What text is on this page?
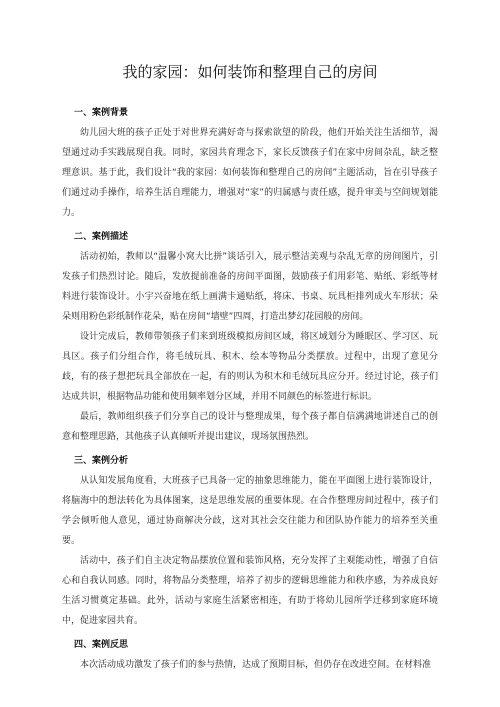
我的家园：如何装饰和整理自己的房间
一、案例背景

幼儿园大班的孩子正处于对世界充满好奇与探索欲望的阶段，他们开始关注生活细节，渴望通过动手实践展现自我。同时，家园共育理念下，家长反馈孩子们在家中房间杂乱，缺乏整理意识。基于此，我们设计“我的家园：如何装饰和整理自己的房间”主题活动，旨在引导孩子们通过动手操作，培养生活自理能力，增强对“家”的归属感与责任感，提升审美与空间规划能力。

二、案例描述

活动初始，教师以“温馨小窝大比拼”谈话引入，展示整洁美观与杂乱无章的房间图片，引发孩子们热烈讨论。随后，发放提前准备的房间平面图，鼓励孩子们用彩笔、贴纸、彩纸等材料进行装饰设计。小宇兴奋地在纸上画满卡通贴纸，将床、书桌、玩具柜排列成火车形状；朵朵则用粉色彩纸制作花朵，贴在房间“墙壁”四周，打造出梦幻花园般的房间。

设计完成后，教师带领孩子们来到班级模拟房间区域，将区域划分为睡眠区、学习区、玩具区。孩子们分组合作，将毛绒玩具、积木、绘本等物品分类摆放。过程中，出现了意见分歧，有的孩子想把玩具全部放在一起，有的则认为积木和毛绒玩具应分开。经过讨论，孩子们达成共识，根据物品功能和使用频率划分区域，并用不同颜色的标签进行标识。

最后，教师组织孩子们分享自己的设计与整理成果，每个孩子都自信满满地讲述自己的创意和整理思路，其他孩子认真倾听并提出建议，现场氛围热烈。

三、案例分析

从认知发展角度看，大班孩子已具备一定的抽象思维能力，能在平面图上进行装饰设计，将脑海中的想法转化为具体图案，这是思维发展的重要体现。在合作整理房间过程中，孩子们学会倾听他人意见，通过协商解决分歧，这对其社会交往能力和团队协作能力的培养至关重要。

活动中，孩子们自主决定物品摆放位置和装饰风格，充分发挥了主观能动性，增强了自信心和自我认同感。同时，将物品分类整理，培养了初步的逻辑思维能力和秩序感，为养成良好生活习惯奠定基础。此外，活动与家庭生活紧密相连，有助于将幼儿园所学迁移到家庭环境中，促进家园共育。

四、案例反思

本次活动成功激发了孩子们的参与热情，达成了预期目标，但仍存在改进空间。在材料准
